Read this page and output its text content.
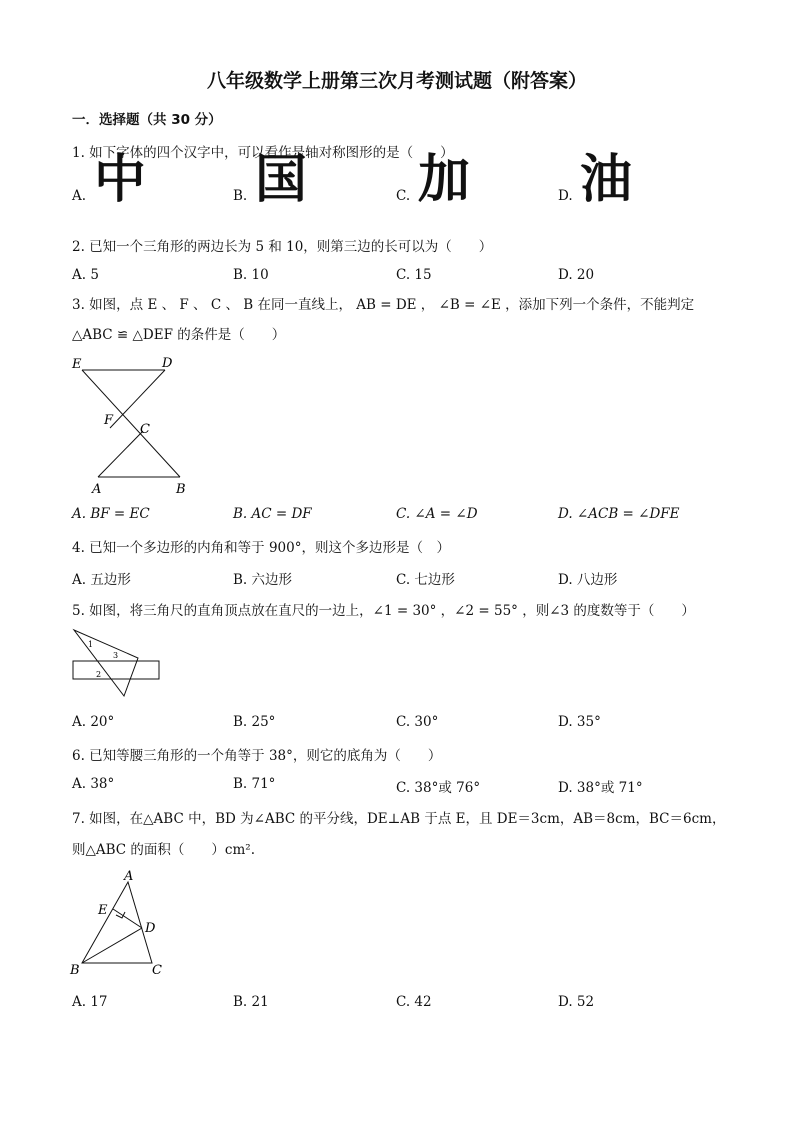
八年级数学上册第三次月考测试题（附答案）
一．选择题（共 30 分）
1. 如下字体的四个汉字中，可以看作是轴对称图形的是（　　）
A. 中	B. 国	C. 加	D. 油
2. 已知一个三角形的两边长为 5 和 10，则第三边的长可以为（　　）
A. 5	B. 10	C. 15	D. 20
3. 如图，点 E 、 F 、 C 、 B 在同一直线上， AB = DE ， ∠B = ∠E ，添加下列一个条件，不能判定 △ABC ≌ △DEF 的条件是（　　）
E	D
F
C
A	B
A. BF = EC	B. AC = DF	C. ∠A = ∠D	D. ∠ACB = ∠DFE
4. 已知一个多边形的内角和等于 900°，则这个多边形是（　）
A. 五边形	B. 六边形	C. 七边形	D. 八边形
5. 如图，将三角尺的直角顶点放在直尺的一边上，∠1 = 30° ，∠2 = 55° ，则∠3 的度数等于（　　）
1
3
2
A. 20°	B. 25°	C. 30°	D. 35°
6. 已知等腰三角形的一个角等于 38°，则它的底角为（　　）
A. 38°	B. 71°	C. 38°或 76°	D. 38°或 71°
7. 如图，在△ABC 中，BD 为∠ABC 的平分线，DE⊥AB 于点 E，且 DE＝3cm，AB＝8cm，BC＝6cm，
则△ABC 的面积（　　）cm².
A
E
D
B	C
A. 17	B. 21	C. 42	D. 52
